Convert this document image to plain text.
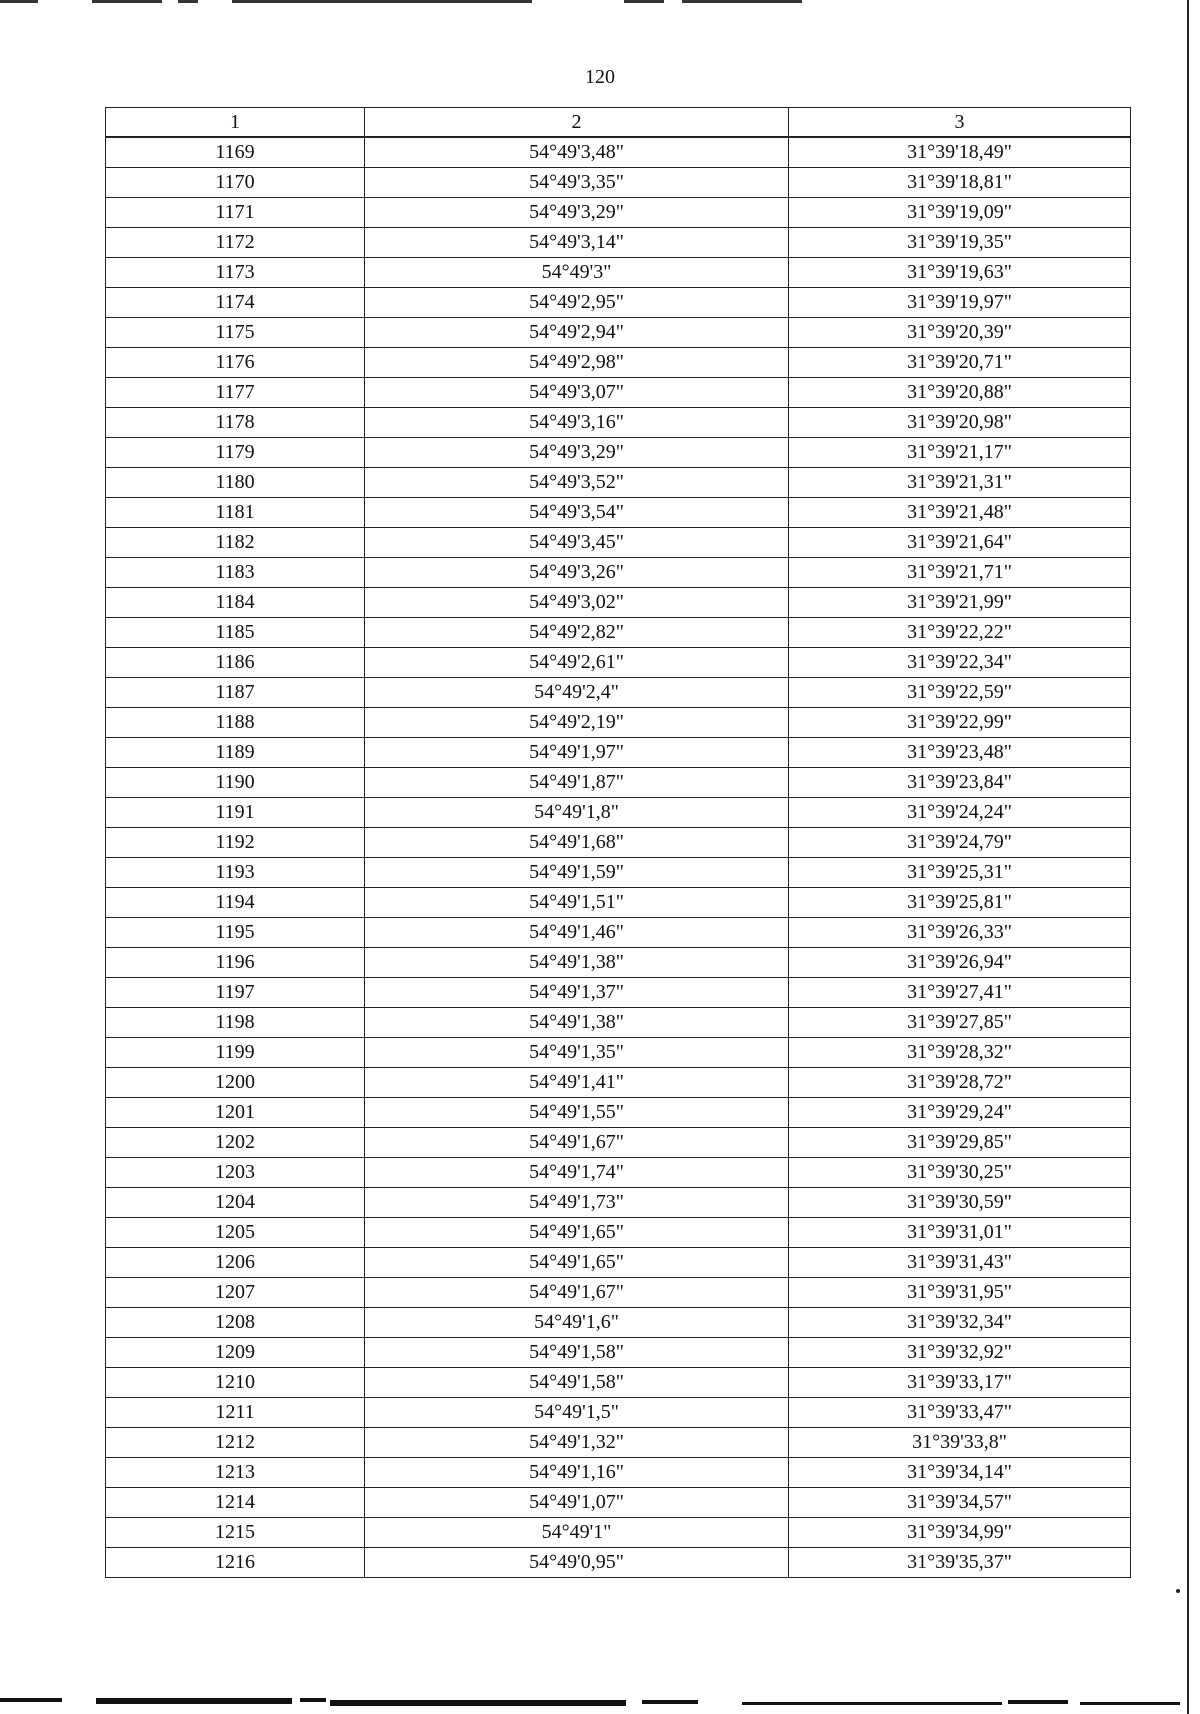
120
1	2	3
1169	54°49'3,48"	31°39'18,49"
1170	54°49'3,35"	31°39'18,81"
1171	54°49'3,29"	31°39'19,09"
1172	54°49'3,14"	31°39'19,35"
1173	54°49'3"	31°39'19,63"
1174	54°49'2,95"	31°39'19,97"
1175	54°49'2,94"	31°39'20,39"
1176	54°49'2,98"	31°39'20,71"
1177	54°49'3,07"	31°39'20,88"
1178	54°49'3,16"	31°39'20,98"
1179	54°49'3,29"	31°39'21,17"
1180	54°49'3,52"	31°39'21,31"
1181	54°49'3,54"	31°39'21,48"
1182	54°49'3,45"	31°39'21,64"
1183	54°49'3,26"	31°39'21,71"
1184	54°49'3,02"	31°39'21,99"
1185	54°49'2,82"	31°39'22,22"
1186	54°49'2,61"	31°39'22,34"
1187	54°49'2,4"	31°39'22,59"
1188	54°49'2,19"	31°39'22,99"
1189	54°49'1,97"	31°39'23,48"
1190	54°49'1,87"	31°39'23,84"
1191	54°49'1,8"	31°39'24,24"
1192	54°49'1,68"	31°39'24,79"
1193	54°49'1,59"	31°39'25,31"
1194	54°49'1,51"	31°39'25,81"
1195	54°49'1,46"	31°39'26,33"
1196	54°49'1,38"	31°39'26,94"
1197	54°49'1,37"	31°39'27,41"
1198	54°49'1,38"	31°39'27,85"
1199	54°49'1,35"	31°39'28,32"
1200	54°49'1,41"	31°39'28,72"
1201	54°49'1,55"	31°39'29,24"
1202	54°49'1,67"	31°39'29,85"
1203	54°49'1,74"	31°39'30,25"
1204	54°49'1,73"	31°39'30,59"
1205	54°49'1,65"	31°39'31,01"
1206	54°49'1,65"	31°39'31,43"
1207	54°49'1,67"	31°39'31,95"
1208	54°49'1,6"	31°39'32,34"
1209	54°49'1,58"	31°39'32,92"
1210	54°49'1,58"	31°39'33,17"
1211	54°49'1,5"	31°39'33,47"
1212	54°49'1,32"	31°39'33,8"
1213	54°49'1,16"	31°39'34,14"
1214	54°49'1,07"	31°39'34,57"
1215	54°49'1"	31°39'34,99"
1216	54°49'0,95"	31°39'35,37"
